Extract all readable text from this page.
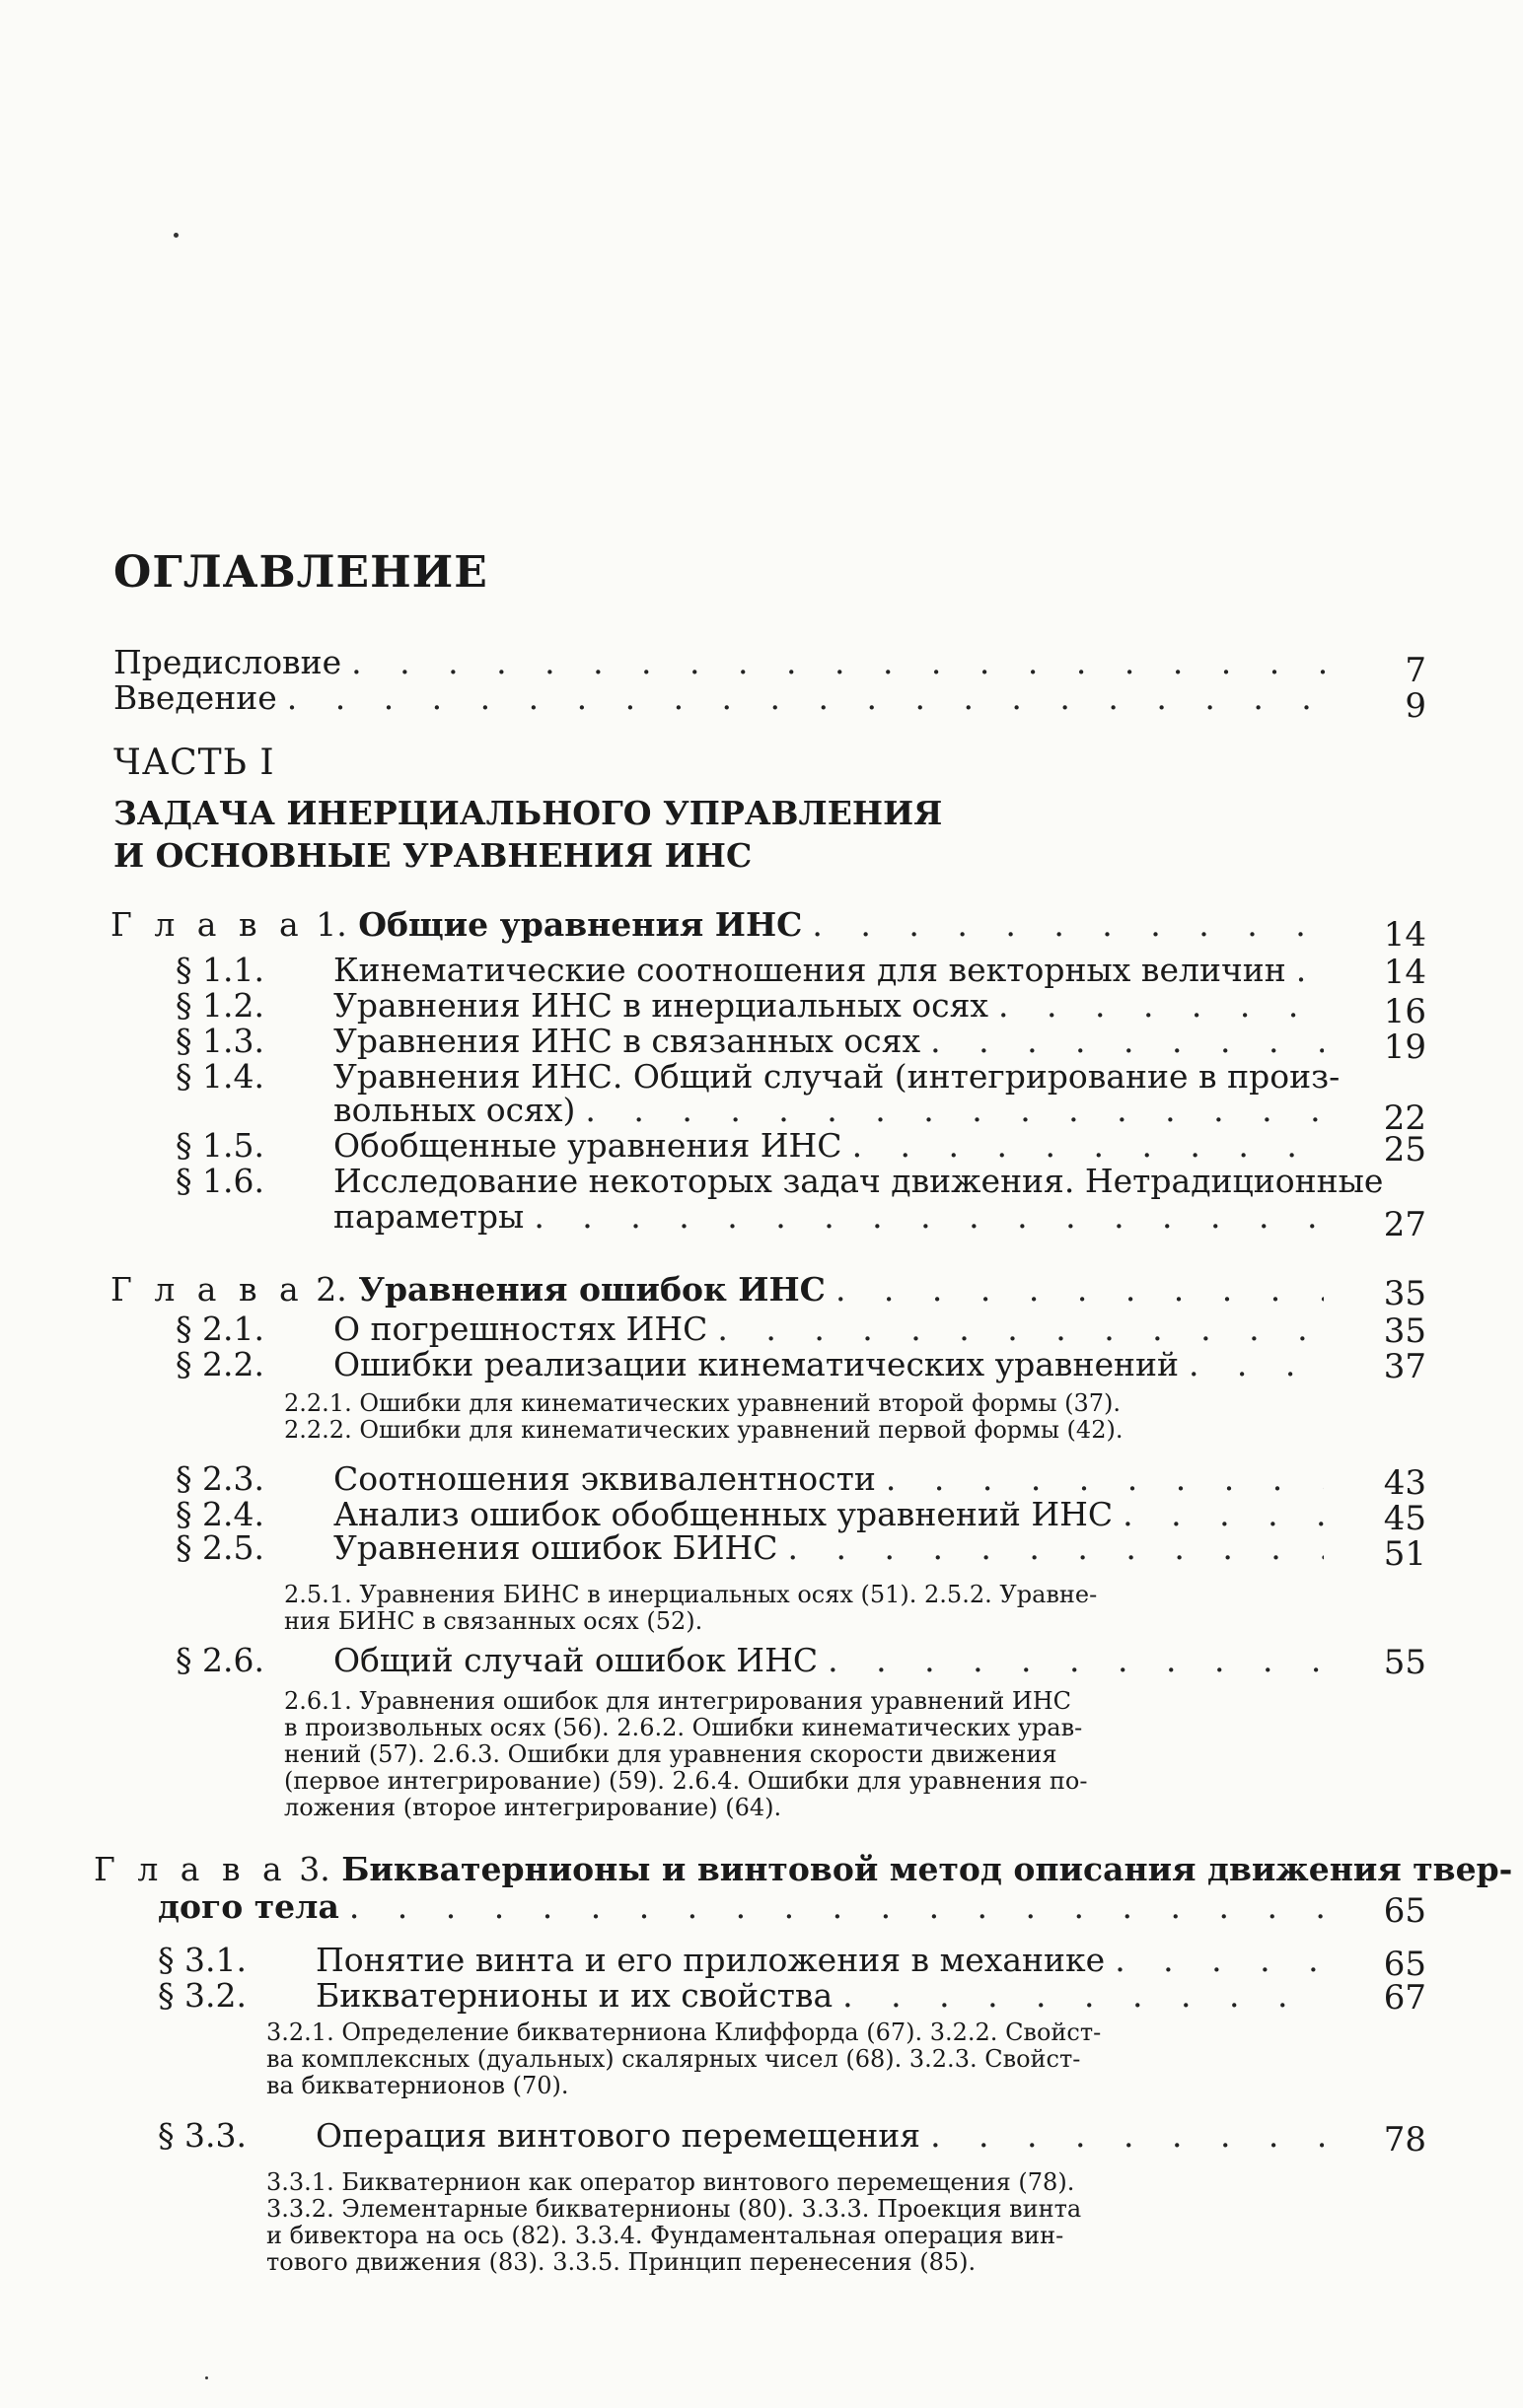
ОГЛАВЛЕНИЕ
Предисловие . . .	7
Введение . . .	9
ЧАСТЬ I
ЗАДАЧА ИНЕРЦИАЛЬНОГО УПРАВЛЕНИЯ
И ОСНОВНЫЕ УРАВНЕНИЯ ИНС
Г л а в а 1. Общие уравнения ИНС . . .	14
§ 1.1. Кинематические соотношения для векторных величин . . .	14
§ 1.2. Уравнения ИНС в инерциальных осях . . .	16
§ 1.3. Уравнения ИНС в связанных осях . . .	19
§ 1.4. Уравнения ИНС. Общий случай (интегрирование в произ-
вольных осях) . . .	22
§ 1.5. Обобщенные уравнения ИНС . . .	25
§ 1.6. Исследование некоторых задач движения. Нетрадиционные
параметры . . .	27
Г л а в а 2. Уравнения ошибок ИНС . . .	35
§ 2.1. О погрешностях ИНС . . .	35
§ 2.2. Ошибки реализации кинематических уравнений . . .	37
2.2.1. Ошибки для кинематических уравнений второй формы (37).
2.2.2. Ошибки для кинематических уравнений первой формы (42).
§ 2.3. Соотношения эквивалентности . . .	43
§ 2.4. Анализ ошибок обобщенных уравнений ИНС . . .	45
§ 2.5. Уравнения ошибок БИНС . . .	51
2.5.1. Уравнения БИНС в инерциальных осях (51). 2.5.2. Уравне-
ния БИНС в связанных осях (52).
§ 2.6. Общий случай ошибок ИНС . . .	55
2.6.1. Уравнения ошибок для интегрирования уравнений ИНС
в произвольных осях (56). 2.6.2. Ошибки кинематических урав-
нений (57). 2.6.3. Ошибки для уравнения скорости движения
(первое интегрирование) (59). 2.6.4. Ошибки для уравнения по-
ложения (второе интегрирование) (64).
Г л а в а 3. Бикватернионы и винтовой метод описания движения твер-
дого тела . . .	65
§ 3.1. Понятие винта и его приложения в механике . . .	65
§ 3.2. Бикватернионы и их свойства . . .	67
3.2.1. Определение бикватерниона Клиффорда (67). 3.2.2. Свойст-
ва комплексных (дуальных) скалярных чисел (68). 3.2.3. Свойст-
ва бикватернионов (70).
§ 3.3. Операция винтового перемещения . . .	78
3.3.1. Бикватернион как оператор винтового перемещения (78).
3.3.2. Элементарные бикватернионы (80). 3.3.3. Проекция винта
и бивектора на ось (82). 3.3.4. Фундаментальная операция вин-
тового движения (83). 3.3.5. Принцип перенесения (85).
